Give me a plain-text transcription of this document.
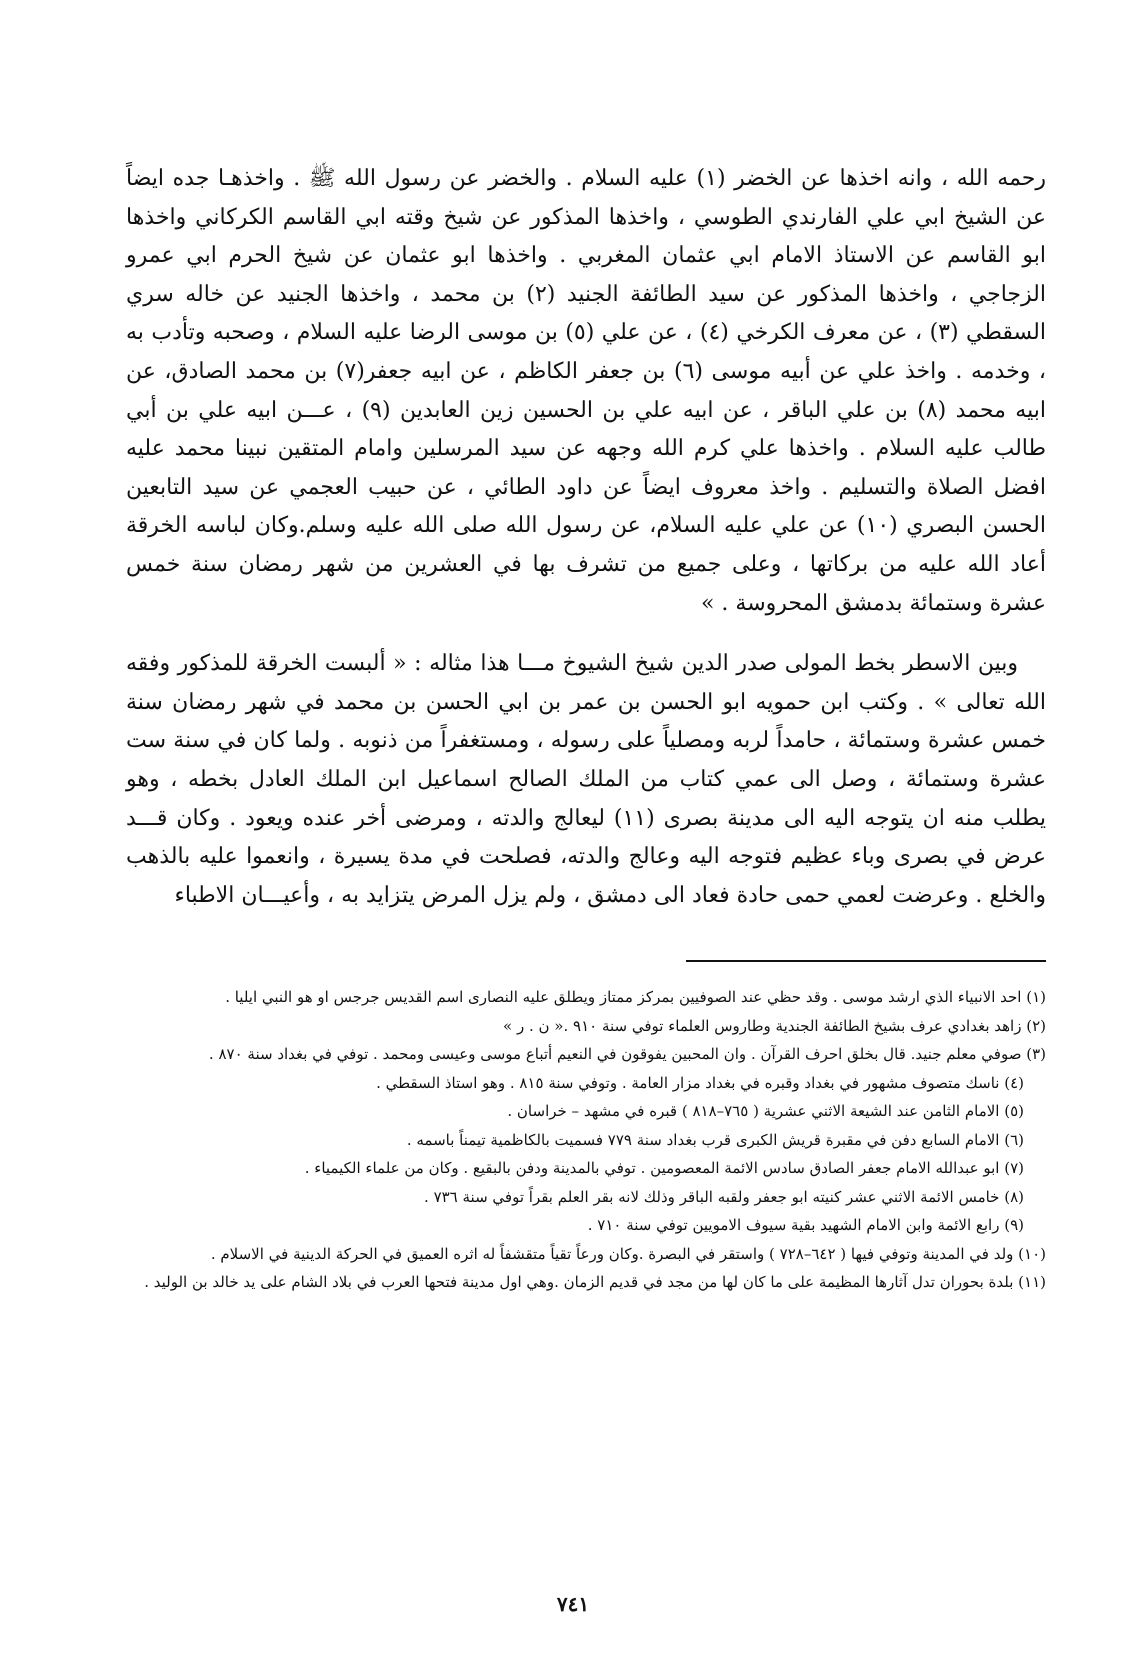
رحمه الله ، وانه اخذها عن الخضر (١) عليه السلام . والخضر عن رسول الله ﷺ . واخذهـا جده ايضاً عن الشيخ ابي علي الفارندي الطوسي ، واخذها المذكور عن شيخ وقته ابي القاسم الكركاني واخذها ابو القاسم عن الاستاذ الامام ابي عثمان المغربي . واخذها ابو عثمان عن شيخ الحرم ابي عمرو الزجاجي ، واخذها المذكور عن سيد الطائفة الجنيد (٢) بن محمد ، واخذها الجنيد عن خاله سري السقطي (٣) ، عن معرف الكرخي (٤) ، عن علي (٥) بن موسى الرضا عليه السلام ، وصحبه وتأدب به ، وخدمه . واخذ علي عن أبيه موسى (٦) بن جعفر الكاظم ، عن ابيه جعفر(٧) بن محمد الصادق، عن ابيه محمد (٨) بن علي الباقر ، عن ابيه علي بن الحسين زين العابدين (٩) ، عـــن ابيه علي بن أبي طالب عليه السلام . واخذها علي كرم الله وجهه عن سيد المرسلين وامام المتقين نبينا محمد عليه افضل الصلاة والتسليم . واخذ معروف ايضاً عن داود الطائي ، عن حبيب العجمي عن سيد التابعين الحسن البصري (١٠) عن علي عليه السلام، عن رسول الله صلى الله عليه وسلم.وكان لباسه الخرقة أعاد الله عليه من بركاتها ، وعلى جميع من تشرف بها في العشرين من شهر رمضان سنة خمس عشرة وستمائة بدمشق المحروسة . »

وبين الاسطر بخط المولى صدر الدين شيخ الشيوخ مـــا هذا مثاله : « ألبست الخرقة للمذكور وفقه الله تعالى » . وكتب ابن حمويه ابو الحسن بن عمر بن ابي الحسن بن محمد في شهر رمضان سنة خمس عشرة وستمائة ، حامداً لربه ومصلياً على رسوله ، ومستغفراً من ذنوبه . ولما كان في سنة ست عشرة وستمائة ، وصل الى عمي كتاب من الملك الصالح اسماعيل ابن الملك العادل بخطه ، وهو يطلب منه ان يتوجه اليه الى مدينة بصرى (١١) ليعالج والدته ، ومرضى أخر عنده ويعود . وكان قـــد عرض في بصرى وباء عظيم فتوجه اليه وعالج والدته، فصلحت في مدة يسيرة ، وانعموا عليه بالذهب والخلع . وعرضت لعمي حمى حادة فعاد الى دمشق ، ولم يزل المرض يتزايد به ، وأعيـــان الاطباء

(١) احد الانبياء الذي ارشد موسى . وقد حظي عند الصوفيين بمركز ممتاز ويطلق عليه النصارى اسم القديس جرجس او هو النبي ايليا .

(٢) زاهد بغدادي عرف بشيخ الطائفة الجندية وطاروس العلماء توفي سنة ٩١٠ .« ن . ر »

(٣) صوفي معلم جنيد. قال بخلق احرف القرآن . وان المحبين يفوقون في النعيم أتباع موسى وعيسى ومحمد . توفي في بغداد سنة ٨٧٠ .

(٤) ناسك متصوف مشهور في بغداد وقبره في بغداد مزار العامة . وتوفي سنة ٨١٥ . وهو استاذ السقطي .

(٥) الامام الثامن عند الشيعة الاثني عشرية ( ٧٦٥–٨١٨ ) قبره في مشهد – خراسان .

(٦) الامام السابع دفن في مقبرة قريش الكبرى قرب بغداد سنة ٧٧٩ فسميت بالكاظمية تيمناً باسمه .

(٧) ابو عبدالله الامام جعفر الصادق سادس الائمة المعصومين . توفي بالمدينة ودفن بالبقيع . وكان من علماء الكيمياء .

(٨) خامس الائمة الاثني عشر كنيته ابو جعفر ولقبه الباقر وذلك لانه بقر العلم بقراً توفي سنة ٧٣٦ .

(٩) رابع الائمة وابن الامام الشهيد بقية سيوف الامويين توفي سنة ٧١٠ .

(١٠) ولد في المدينة وتوفي فيها ( ٦٤٢–٧٢٨ ) واستقر في البصرة .وكان ورعاً تقياً متقشفاً له اثره العميق في الحركة الدينية في الاسلام .

(١١) بلدة بحوران تدل آثارها المظيمة على ما كان لها من مجد في قديم الزمان .وهي اول مدينة فتحها العرب في بلاد الشام على يد خالد بن الوليد .

٧٤١
